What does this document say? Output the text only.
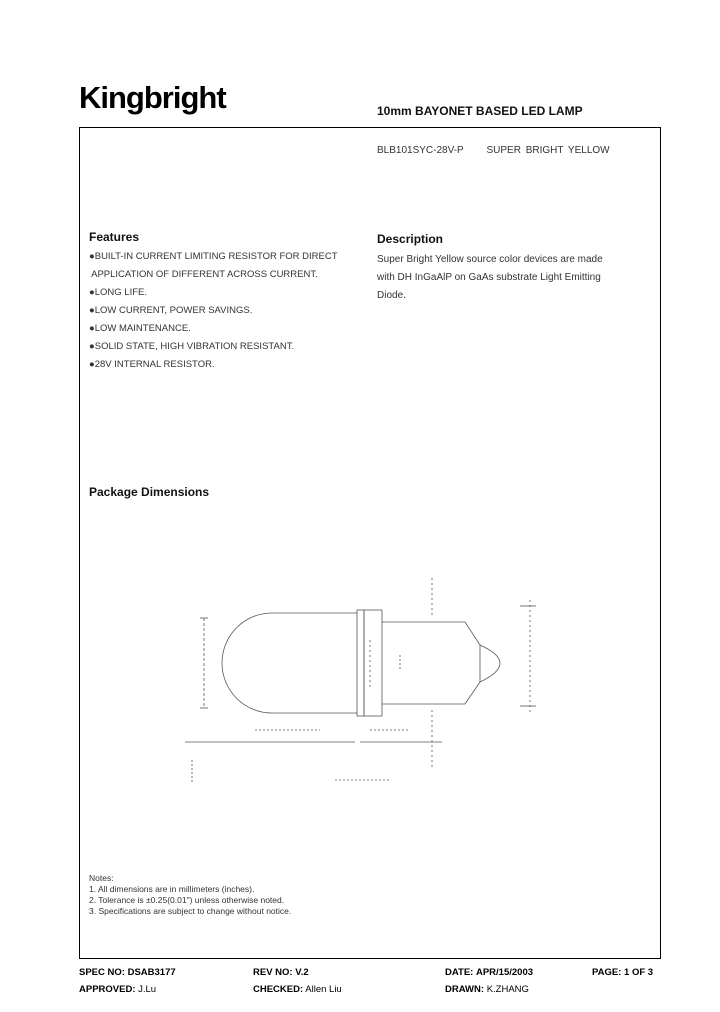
Kingbright	10mm BAYONET BASED LED LAMP
BLB101SYC-28V-P SUPER BRIGHT YELLOW
Features
●BUILT-IN CURRENT LIMITING RESISTOR FOR DIRECT
APPLICATION OF DIFFERENT ACROSS CURRENT.
●LONG LIFE.
●LOW CURRENT, POWER SAVINGS.
●LOW MAINTENANCE.
●SOLID STATE, HIGH VIBRATION RESISTANT.
●28V INTERNAL RESISTOR.
Description
Super Bright Yellow source color devices are made
with DH InGaAlP on GaAs substrate Light Emitting
Diode.
Package Dimensions
Notes:
1. All dimensions are in millimeters (inches).
2. Tolerance is ±0.25(0.01") unless otherwise noted.
3. Specifications are subject to change without notice.
SPEC NO: DSAB3177	REV NO: V.2	DATE: APR/15/2003	PAGE: 1 OF 3
APPROVED: J.Lu	CHECKED: Allen Liu	DRAWN: K.ZHANG
